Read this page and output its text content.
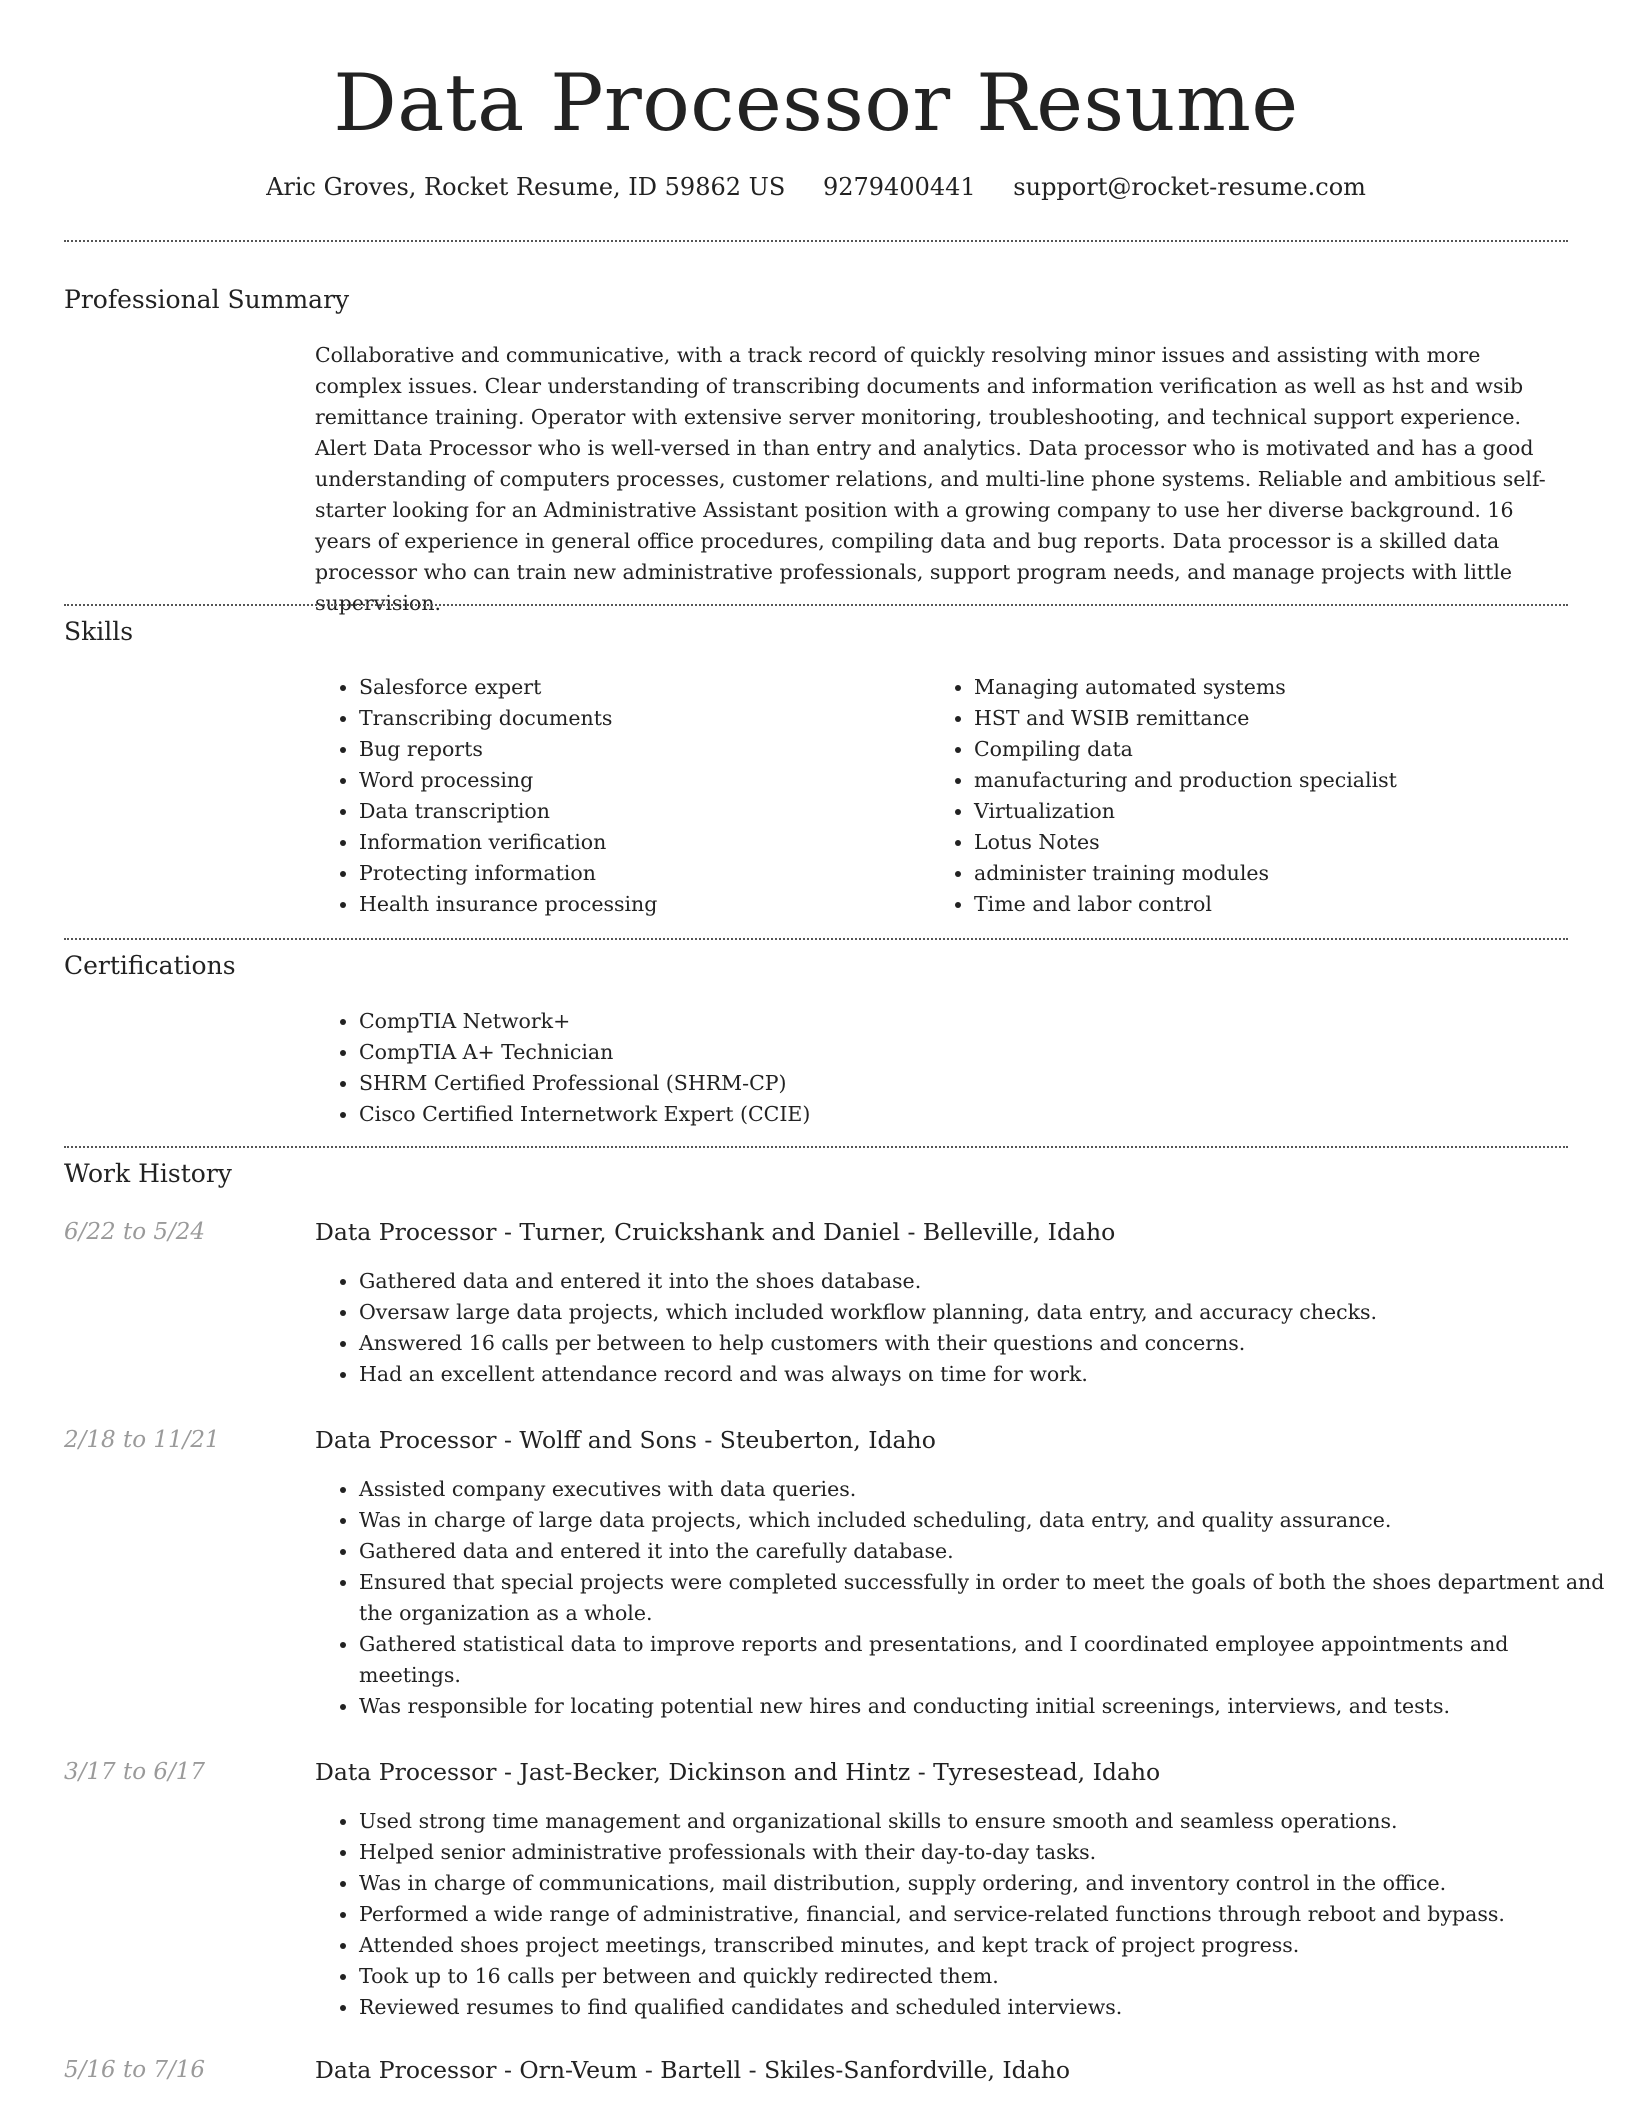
Data Processor Resume
Aric Groves, Rocket Resume, ID 59862 US 9279400441 support@rocket-resume.com
Professional Summary

Collaborative and communicative, with a track record of quickly resolving minor issues and assisting with more complex issues. Clear understanding of transcribing documents and information verification as well as hst and wsib remittance training. Operator with extensive server monitoring, troubleshooting, and technical support experience. Alert Data Processor who is well-versed in than entry and analytics. Data processor who is motivated and has a good understanding of computers processes, customer relations, and multi-line phone systems. Reliable and ambitious self-starter looking for an Administrative Assistant position with a growing company to use her diverse background. 16 years of experience in general office procedures, compiling data and bug reports. Data processor is a skilled data processor who can train new administrative professionals, support program needs, and manage projects with little supervision.

Skills
• Salesforce expert
• Transcribing documents
• Bug reports
• Word processing
• Data transcription
• Information verification
• Protecting information
• Health insurance processing
• Managing automated systems
• HST and WSIB remittance
• Compiling data
• manufacturing and production specialist
• Virtualization
• Lotus Notes
• administer training modules
• Time and labor control
Certifications
• CompTIA Network+
• CompTIA A+ Technician
• SHRM Certified Professional (SHRM-CP)
• Cisco Certified Internetwork Expert (CCIE)
Work History
6/22 to 5/24	Data Processor - Turner, Cruickshank and Daniel - Belleville, Idaho
• Gathered data and entered it into the shoes database.
• Oversaw large data projects, which included workflow planning, data entry, and accuracy checks.
• Answered 16 calls per between to help customers with their questions and concerns.
• Had an excellent attendance record and was always on time for work.
2/18 to 11/21	Data Processor - Wolff and Sons - Steuberton, Idaho
• Assisted company executives with data queries.
• Was in charge of large data projects, which included scheduling, data entry, and quality assurance.
• Gathered data and entered it into the carefully database.
• Ensured that special projects were completed successfully in order to meet the goals of both the shoes department and the organization as a whole.
• Gathered statistical data to improve reports and presentations, and I coordinated employee appointments and meetings.
• Was responsible for locating potential new hires and conducting initial screenings, interviews, and tests.
3/17 to 6/17	Data Processor - Jast-Becker, Dickinson and Hintz - Tyresestead, Idaho
• Used strong time management and organizational skills to ensure smooth and seamless operations.
• Helped senior administrative professionals with their day-to-day tasks.
• Was in charge of communications, mail distribution, supply ordering, and inventory control in the office.
• Performed a wide range of administrative, financial, and service-related functions through reboot and bypass.
• Attended shoes project meetings, transcribed minutes, and kept track of project progress.
• Took up to 16 calls per between and quickly redirected them.
• Reviewed resumes to find qualified candidates and scheduled interviews.
5/16 to 7/16	Data Processor - Orn-Veum - Bartell - Skiles-Sanfordville, Idaho
